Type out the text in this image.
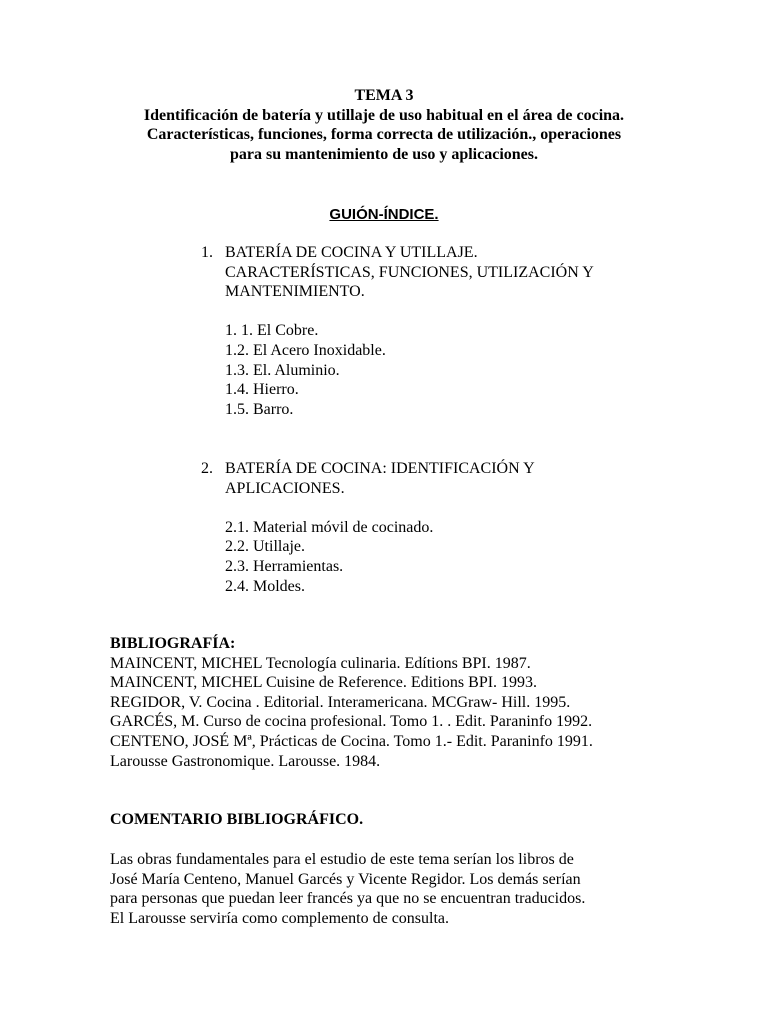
TEMA 3
Identificación de batería y utillaje de uso habitual en el área de cocina.
Características, funciones, forma correcta de utilización., operaciones
para su mantenimiento de uso y aplicaciones.
GUIÓN-ÍNDICE.
1. BATERÍA DE COCINA Y UTILLAJE.
CARACTERÍSTICAS, FUNCIONES, UTILIZACIÓN Y
MANTENIMIENTO.
1. 1. El Cobre.
1.2. El Acero Inoxidable.
1.3. El. Aluminio.
1.4. Hierro.
1.5. Barro.
2. BATERÍA DE COCINA: IDENTIFICACIÓN Y
APLICACIONES.
2.1. Material móvil de cocinado.
2.2. Utillaje.
2.3. Herramientas.
2.4. Moldes.
BIBLIOGRAFÍA:
MAINCENT, MICHEL Tecnología culinaria. Edítions BPI. 1987.
MAINCENT, MICHEL Cuisine de Reference. Editions BPI. 1993.
REGIDOR, V. Cocina . Editorial. Interamericana. MCGraw- Hill. 1995.
GARCÉS, M. Curso de cocina profesional. Tomo 1. . Edit. Paraninfo 1992.
CENTENO, JOSÉ Mª, Prácticas de Cocina. Tomo 1.- Edit. Paraninfo 1991.
Larousse Gastronomique. Larousse. 1984.
COMENTARIO BIBLIOGRÁFICO.
Las obras fundamentales para el estudio de este tema serían los libros de
José María Centeno, Manuel Garcés y Vicente Regidor. Los demás serían
para personas que puedan leer francés ya que no se encuentran traducidos.
El Larousse serviría como complemento de consulta.
